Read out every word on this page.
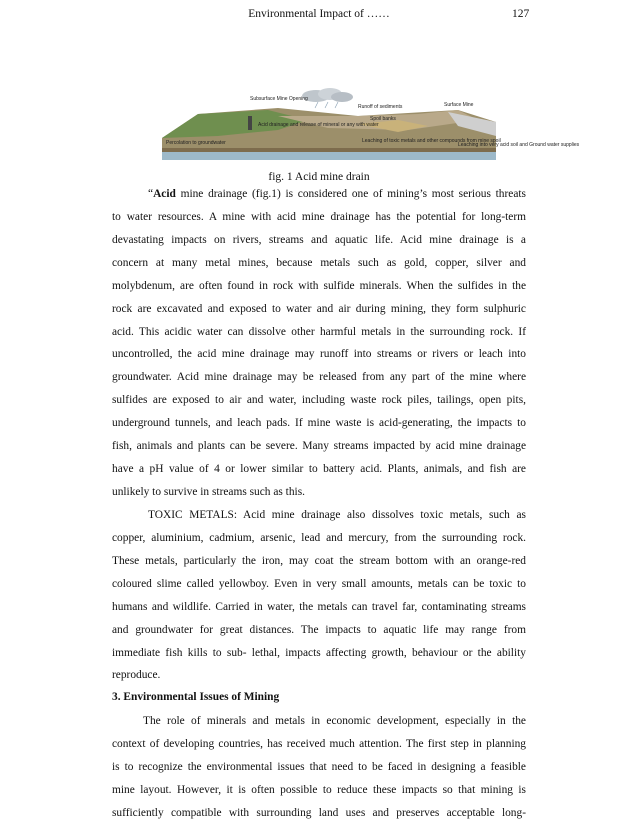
Environmental Impact of ……	127
Subsurface Mine Opening
Acid drainage and release of mineral or any with water
Runoff of sediments
Spoil banks
Surface Mine
Percolation to groundwater	Leaching of toxic metals and other compounds from mine spoil
Leaching into very acid soil and Ground water supplies
fig. 1 Acid mine drain
“Acid mine drainage (fig.1) is considered one of mining’s most serious threats
to water resources. A mine with acid mine drainage has the potential for long-term
devastating impacts on rivers, streams and aquatic life. Acid mine drainage is a
concern at many metal mines, because metals such as gold, copper, silver and
molybdenum, are often found in rock with sulfide minerals. When the sulfides in the
rock are excavated and exposed to water and air during mining, they form sulphuric
acid. This acidic water can dissolve other harmful metals in the surrounding rock. If
uncontrolled, the acid mine drainage may runoff into streams or rivers or leach into
groundwater. Acid mine drainage may be released from any part of the mine where
sulfides are exposed to air and water, including waste rock piles, tailings, open pits,
underground tunnels, and leach pads. If mine waste is acid-generating, the impacts to
fish, animals and plants can be severe. Many streams impacted by acid mine drainage
have a pH value of 4 or lower similar to battery acid. Plants, animals, and fish are
unlikely to survive in streams such as this.
TOXIC METALS: Acid mine drainage also dissolves toxic metals, such as
copper, aluminium, cadmium, arsenic, lead and mercury, from the surrounding rock.
These metals, particularly the iron, may coat the stream bottom with an orange-red
coloured slime called yellowboy. Even in very small amounts, metals can be toxic to
humans and wildlife. Carried in water, the metals can travel far, contaminating streams
and groundwater for great distances. The impacts to aquatic life may range from
immediate fish kills to sub- lethal, impacts affecting growth, behaviour or the ability
reproduce.
3. Environmental Issues of Mining
The role of minerals and metals in economic development, especially in the
context of developing countries, has received much attention. The first step in planning
is to recognize the environmental issues that need to be faced in designing a feasible
mine layout. However, it is often possible to reduce these impacts so that mining is
sufficiently compatible with surrounding land uses and preserves acceptable long-
